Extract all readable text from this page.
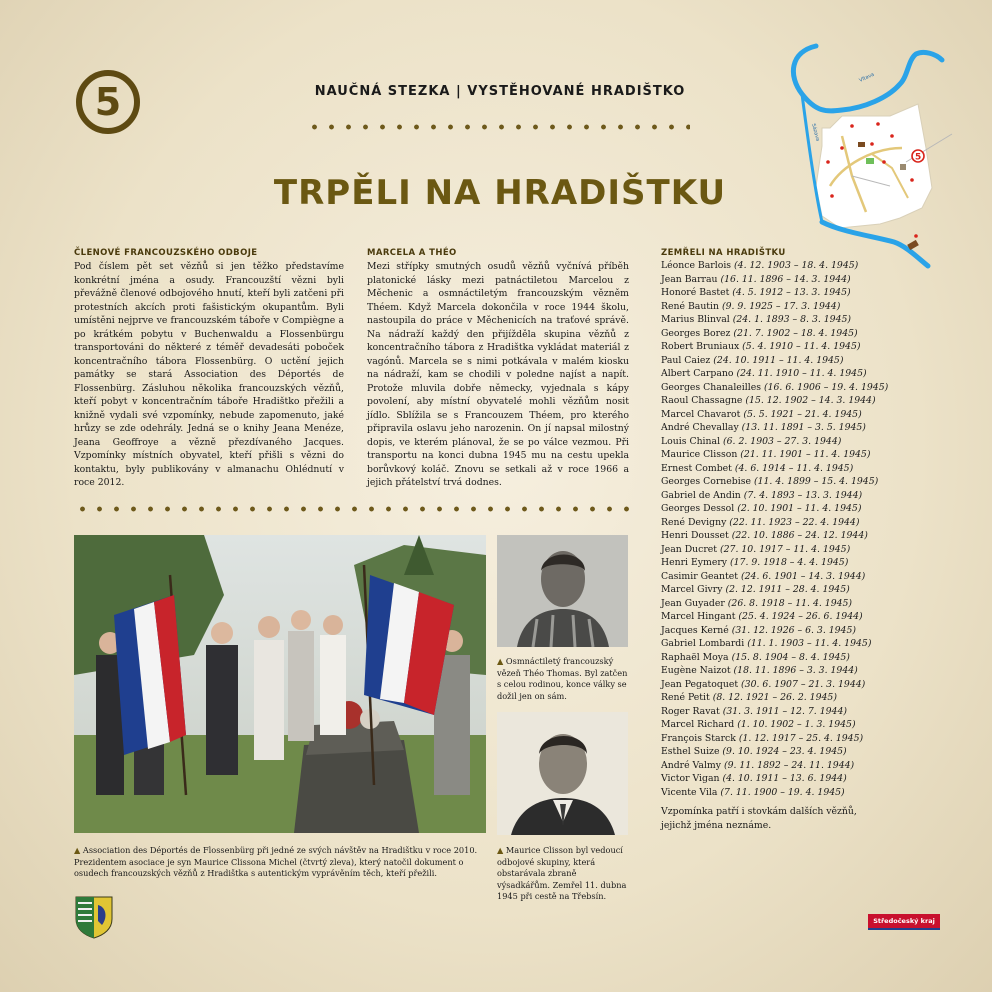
5	NAUČNÁ STEZKA | VYSTĚHOVANÉ HRADIŠTKO
TRPĚLI NA HRADIŠTKU
Vltava
Sázava
5
ČLENOVÉ FRANCOUZSKÉHO ODBOJE

Pod číslem pět set vězňů si jen těžko představíme konkrétní jména a osudy. Francouzští vězni byli převážně členové odbojového hnutí, kteří byli zatčeni při protestních akcích proti fašistickým okupantům. Byli umístěni nejprve ve francouzském táboře v Compiègne a po krátkém pobytu v Buchenwaldu a Flossenbürgu transportováni do některé z téměř devadesáti poboček koncentračního tábora Flossenbürg. O uctění jejich památky se stará Association des Déportés de Flossenbürg. Zásluhou několika francouzských vězňů, kteří pobyt v koncentračním táboře Hradištko přežili a knižně vydali své vzpomínky, nebude zapomenuto, jaké hrůzy se zde odehrály. Jedná se o knihy Jeana Menéze, Jeana Geoffroye a vězně přezdívaného Jacques. Vzpomínky místních obyvatel, kteří přišli s vězni do kontaktu, byly publikovány v almanachu Ohlédnutí v roce 2012.

MARCELA A THÉO

Mezi střípky smutných osudů vězňů vyčnívá příběh platonické lásky mezi patnáctiletou Marcelou z Měchenic a osmnáctiletým francouzským vězněm Théem. Když Marcela dokončila v roce 1944 školu, nastoupila do práce v Měchenicích na traťové správě. Na nádraží každý den přijížděla skupina vězňů z koncentračního tábora z Hradištka vykládat materiál z vagónů. Marcela se s nimi potkávala v malém kiosku na nádraží, kam se chodili v poledne najíst a napít. Protože mluvila dobře německy, vyjednala s kápy povolení, aby místní obyvatelé mohli vězňům nosit jídlo. Sblížila se s Francouzem Théem, pro kterého připravila oslavu jeho narozenin. On jí napsal milostný dopis, ve kterém plánoval, že se po válce vezmou. Při transportu na konci dubna 1945 mu na cestu upekla borůvkový koláč. Znovu se setkali až v roce 1966 a jejich přátelství trvá dodnes.

ZEMŘELI NA HRADIŠTKU
Léonce Barlois (4. 12. 1903 – 18. 4. 1945)
Jean Barrau (16. 11. 1896 – 14. 3. 1944)
Honoré Bastet (4. 5. 1912 – 13. 3. 1945)
René Bautin (9. 9. 1925 – 17. 3. 1944)
Marius Blinval (24. 1. 1893 – 8. 3. 1945)
Georges Borez (21. 7. 1902 – 18. 4. 1945)
Robert Bruniaux (5. 4. 1910 – 11. 4. 1945)
Paul Caiez (24. 10. 1911 – 11. 4. 1945)
Albert Carpano (24. 11. 1910 – 11. 4. 1945)
Georges Chanaleilles (16. 6. 1906 – 19. 4. 1945)
Raoul Chassagne (15. 12. 1902 – 14. 3. 1944)
Marcel Chavarot (5. 5. 1921 – 21. 4. 1945)
André Chevallay (13. 11. 1891 – 3. 5. 1945)
Louis Chinal (6. 2. 1903 – 27. 3. 1944)
Maurice Clisson (21. 11. 1901 – 11. 4. 1945)
Ernest Combet (4. 6. 1914 – 11. 4. 1945)
Georges Cornebise (11. 4. 1899 – 15. 4. 1945)
Gabriel de Andin (7. 4. 1893 – 13. 3. 1944)
Georges Dessol (2. 10. 1901 – 11. 4. 1945)
René Devigny (22. 11. 1923 – 22. 4. 1944)
Henri Dousset (22. 10. 1886 – 24. 12. 1944)
Jean Ducret (27. 10. 1917 – 11. 4. 1945)
Henri Eymery (17. 9. 1918 – 4. 4. 1945)
Casimir Geantet (24. 6. 1901 – 14. 3. 1944)
Marcel Givry (2. 12. 1911 – 28. 4. 1945)
Jean Guyader (26. 8. 1918 – 11. 4. 1945)
Marcel Hingant (25. 4. 1924 – 26. 6. 1944)
Jacques Kerné (31. 12. 1926 – 6. 3. 1945)
Gabriel Lombardi (11. 1. 1903 – 11. 4. 1945)
Raphaël Moya (15. 8. 1904 – 8. 4. 1945)
Eugène Naizot (18. 11. 1896 – 3. 3. 1944)
Jean Pegatoquet (30. 6. 1907 – 21. 3. 1944)
René Petit (8. 12. 1921 – 26. 2. 1945)
Roger Ravat (31. 3. 1911 – 12. 7. 1944)
Marcel Richard (1. 10. 1902 – 1. 3. 1945)
François Starck (1. 12. 1917 – 25. 4. 1945)
Esthel Suize (9. 10. 1924 – 23. 4. 1945)
André Valmy (9. 11. 1892 – 24. 11. 1944)
Victor Vigan (4. 10. 1911 – 13. 6. 1944)
Vicente Vila (7. 11. 1900 – 19. 4. 1945)

Vzpomínka patří i stovkám dalších vězňů, jejichž jména neznáme.

▲ Osmnáctiletý francouzský vězeň Théo Thomas. Byl zatčen s celou rodinou, konce války se dožil jen on sám.

▲ Maurice Clisson byl vedoucí odbojové skupiny, která obstarávala zbraně výsadkářům. Zemřel 11. dubna 1945 při cestě na Třebsín.

▲ Association des Déportés de Flossenbürg při jedné ze svých návštěv na Hradištku v roce 2010. Prezidentem asociace je syn Maurice Clissona Michel (čtvrtý zleva), který natočil dokument o osudech francouzských vězňů z Hradištka s autentickým vyprávěním těch, kteří přežili.

Středočeský kraj
